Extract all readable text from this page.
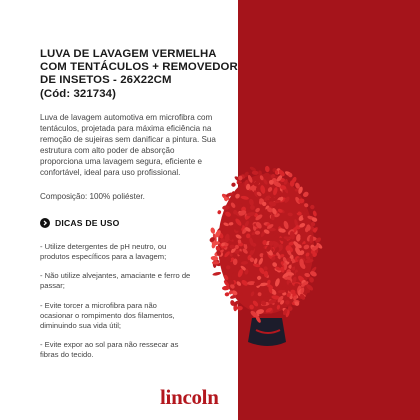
LUVA DE LAVAGEM VERMELHA
COM TENTÁCULOS + REMOVEDOR
DE INSETOS - 26X22CM
(Cód: 321734)

Luva de lavagem automotiva em microfibra com
tentáculos, projetada para máxima eficiência na
remoção de sujeiras sem danificar a pintura. Sua
estrutura com alto poder de absorção
proporciona uma lavagem segura, eficiente e
confortável, ideal para uso profissional.

Composição: 100% poliéster.

DICAS DE USO
- Utilize detergentes de pH neutro, ou
produtos específicos para a lavagem;
- Não utilize alvejantes, amaciante e ferro de
passar;
- Evite torcer a microfibra para não
ocasionar o rompimento dos filamentos,
diminuindo sua vida útil;
- Evite expor ao sol para não ressecar as
fibras do tecido.
lincoln
